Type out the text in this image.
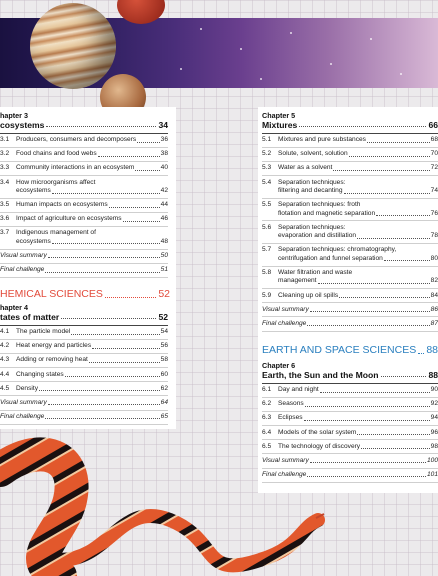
hapter 3
cosystems	34
3.1	Producers, consumers and decomposers	36
3.2	Food chains and food webs	38
3.3	Community interactions in an ecosystem	40
3.4	How microorganisms affect
ecosystems	42
3.5	Human impacts on ecosystems	44
3.6	Impact of agriculture on ecosystems	46
3.7	Indigenous management of
ecosystems	48
Visual summary	50
Final challenge	51
HEMICAL SCIENCES	52
hapter 4
tates of matter	52
4.1	The particle model	54
4.2	Heat energy and particles	56
4.3	Adding or removing heat	58
4.4	Changing states	60
4.5	Density	62
Visual summary	64
Final challenge	65
Chapter 5
Mixtures	66
5.1	Mixtures and pure substances	68
5.2	Solute, solvent, solution	70
5.3	Water as a solvent	72
5.4	Separation techniques:
filtering and decanting	74
5.5	Separation techniques: froth
flotation and magnetic separation	76
5.6	Separation techniques:
evaporation and distillation	78
5.7	Separation techniques: chromatography,
centrifugation and funnel separation	80
5.8	Water filtration and waste
management	82
5.9	Cleaning up oil spills	84
Visual summary	86
Final challenge	87
EARTH AND SPACE SCIENCES 88
Chapter 6
Earth, the Sun and the Moon	88
6.1	Day and night	90
6.2	Seasons	92
6.3	Eclipses	94
6.4	Models of the solar system	96
6.5	The technology of discovery	98
Visual summary	100
Final challenge	101
